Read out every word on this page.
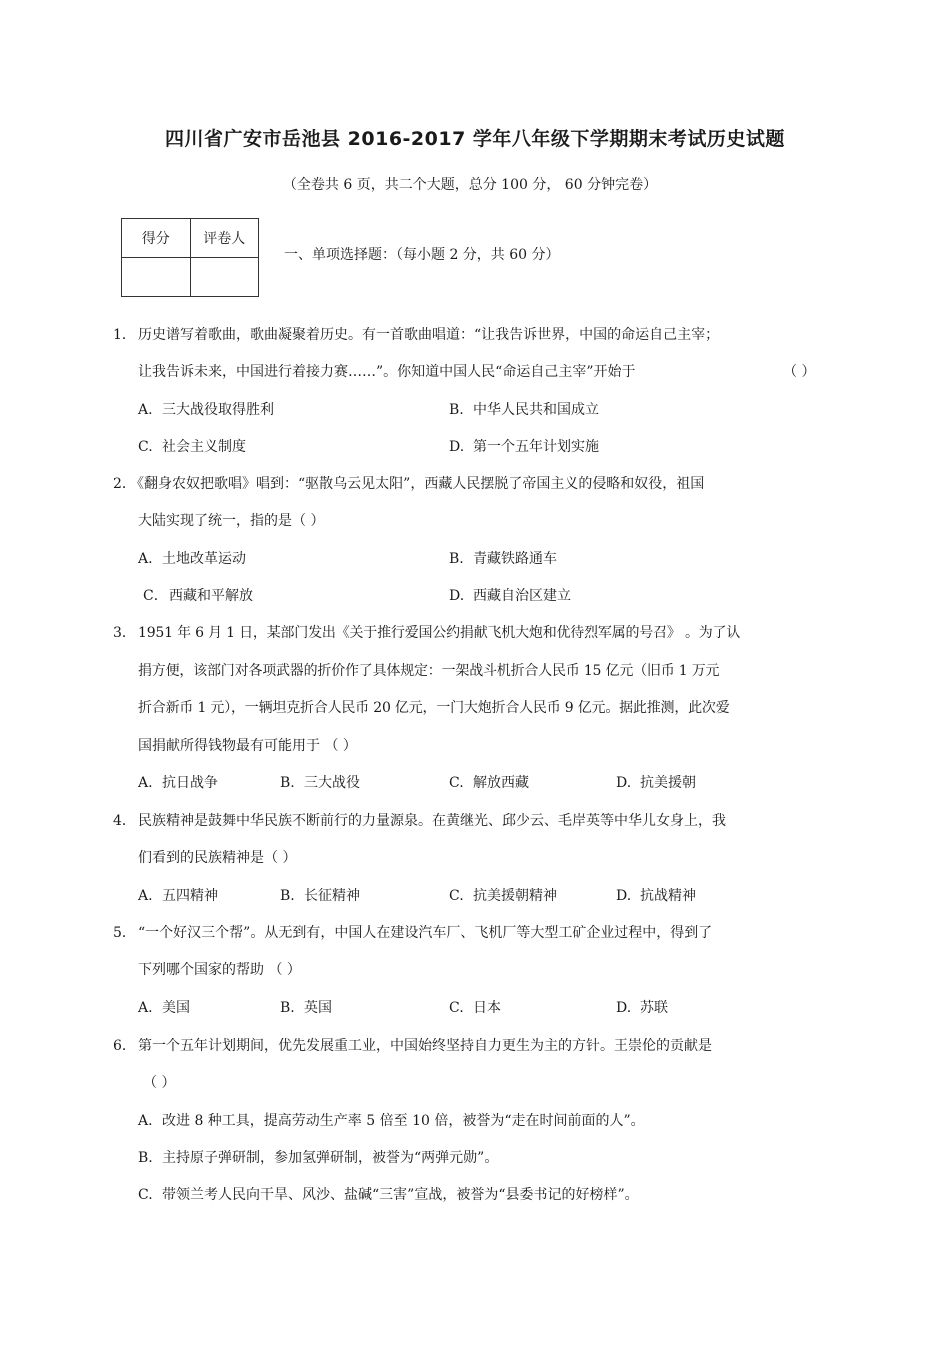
四川省广安市岳池县 2016-2017 学年八年级下学期期末考试历史试题

（全卷共 6 页，共二个大题，总分 100 分， 60 分钟完卷）

得分	评卷人

一、单项选择题：（每小题 2 分，共 60 分）

1． 历史谱写着歌曲，歌曲凝聚着历史。有一首歌曲唱道：“让我告诉世界，中国的命运自己主宰；

让我告诉未来，中国进行着接力赛……”。你知道中国人民“命运自己主宰”开始于	（ ）
A. 三大战役取得胜利	B. 中华人民共和国成立
C. 社会主义制度	D. 第一个五年计划实施
2．

《翻身农奴把歌唱》唱到：“驱散乌云见太阳”，西藏人民摆脱了帝国主义的侵略和奴役，祖国

大陆实现了统一，指的是（ ）

A. 土地改革运动	B. 青藏铁路通车
C．西藏和平解放	D. 西藏自治区建立
3． 1951 年 6 月 1 日，某部门发出《关于推行爱国公约捐献飞机大炮和优待烈军属的号召》 。为了认

捐方便，该部门对各项武器的折价作了具体规定：一架战斗机折合人民币 15 亿元（旧币 1 万元

折合新币 1 元），一辆坦克折合人民币 20 亿元，一门大炮折合人民币 9 亿元。据此推测，此次爱

国捐献所得钱物最有可能用于 （ ）

A. 抗日战争	B. 三大战役	C. 解放西藏	D. 抗美援朝
4． 民族精神是鼓舞中华民族不断前行的力量源泉。在黄继光、邱少云、毛岸英等中华儿女身上，我

们看到的民族精神是（ ）

A. 五四精神	B. 长征精神	C. 抗美援朝精神	D. 抗战精神
5． “一个好汉三个帮”。从无到有，中国人在建设汽车厂、飞机厂等大型工矿企业过程中，得到了

下列哪个国家的帮助 （ ）

A. 美国	B. 英国	C. 日本	D. 苏联
6． 第一个五年计划期间，优先发展重工业，中国始终坚持自力更生为主的方针。王崇伦的贡献是

（ ）

A. 改进 8 种工具，提高劳动生产率 5 倍至 10 倍，被誉为“走在时间前面的人”。
B. 主持原子弹研制，参加氢弹研制，被誉为“两弹元勋”。
C. 带领兰考人民向干旱、风沙、盐碱“三害”宣战，被誉为“县委书记的好榜样”。
